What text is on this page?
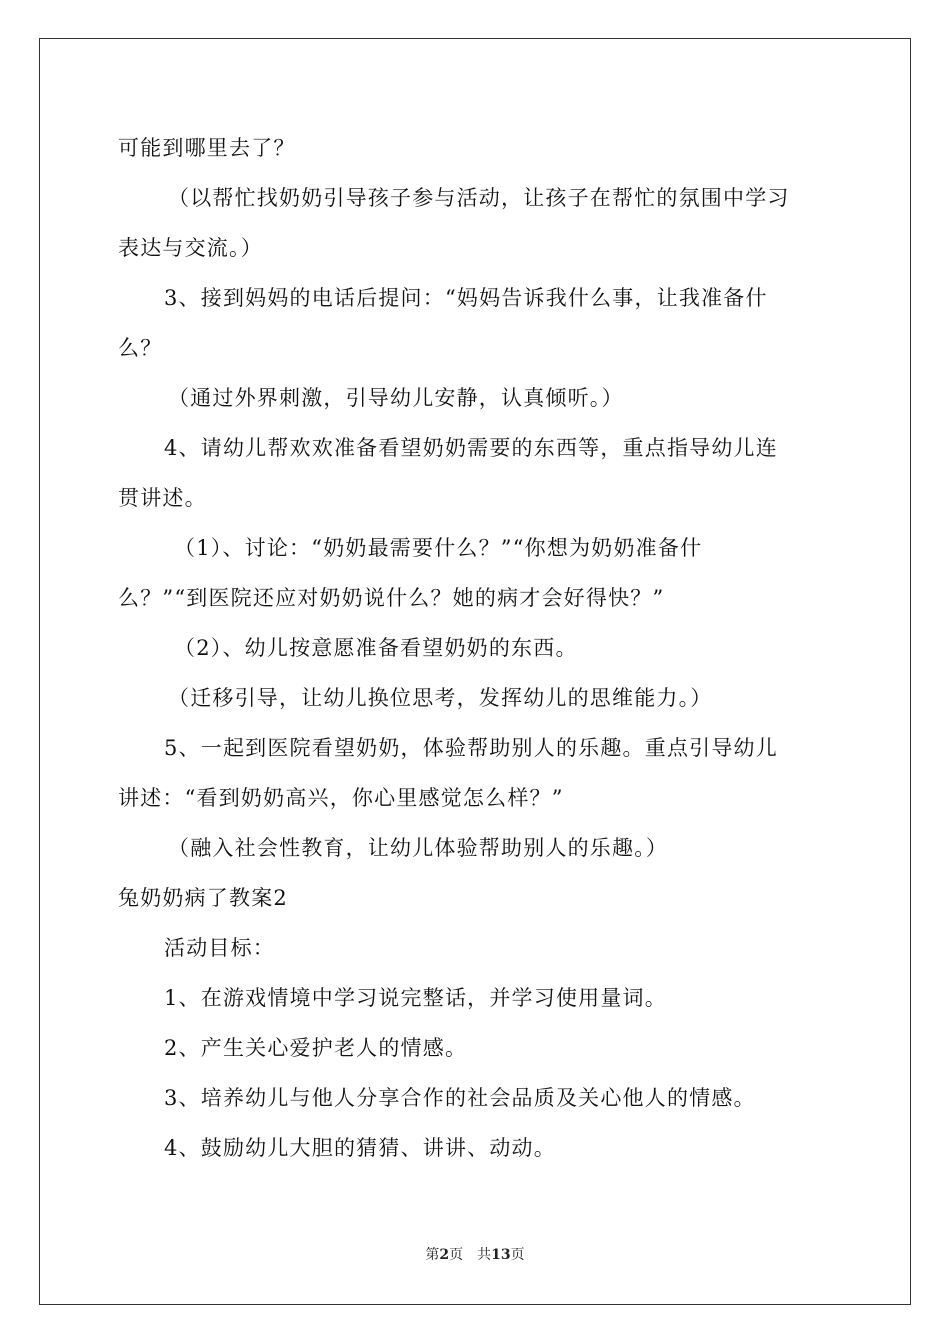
可能到哪里去了？
（以帮忙找奶奶引导孩子参与活动，让孩子在帮忙的氛围中学习
表达与交流。）
3、接到妈妈的电话后提问：“妈妈告诉我什么事，让我准备什
么？
（通过外界刺激，引导幼儿安静，认真倾听。）
4、请幼儿帮欢欢准备看望奶奶需要的东西等，重点指导幼儿连
贯讲述。
（1）、讨论：“奶奶最需要什么？”“你想为奶奶准备什
么？”“到医院还应对奶奶说什么？她的病才会好得快？”
（2）、幼儿按意愿准备看望奶奶的东西。
（迁移引导，让幼儿换位思考，发挥幼儿的思维能力。）
5、一起到医院看望奶奶，体验帮助别人的乐趣。重点引导幼儿
讲述：“看到奶奶高兴，你心里感觉怎么样？”
（融入社会性教育，让幼儿体验帮助别人的乐趣。）
兔奶奶病了教案2
活动目标：
1、在游戏情境中学习说完整话，并学习使用量词。
2、产生关心爱护老人的情感。
3、培养幼儿与他人分享合作的社会品质及关心他人的情感。
4、鼓励幼儿大胆的猜猜、讲讲、动动。
第2页 共13页
